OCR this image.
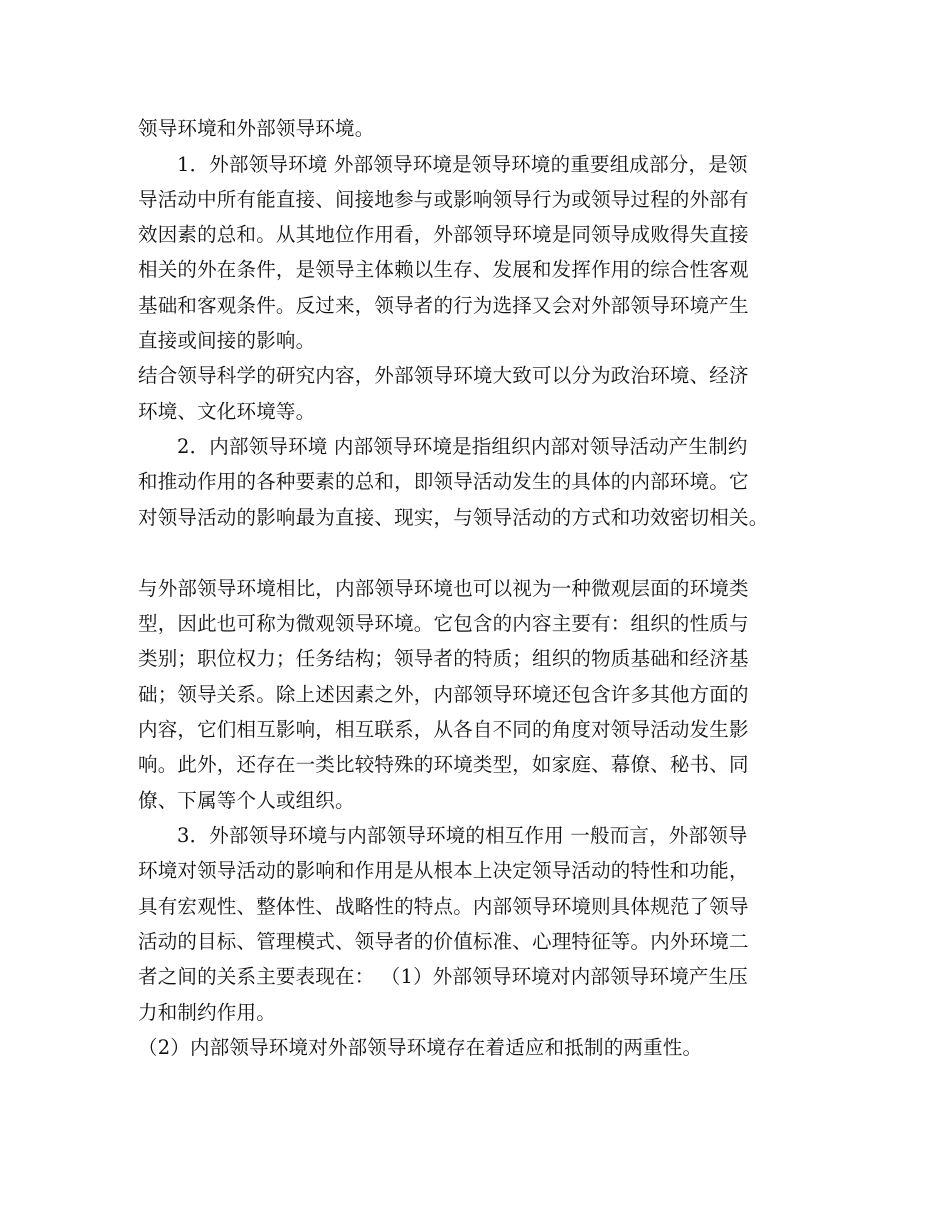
领导环境和外部领导环境。
1．外部领导环境 外部领导环境是领导环境的重要组成部分，是领
导活动中所有能直接、间接地参与或影响领导行为或领导过程的外部有
效因素的总和。从其地位作用看，外部领导环境是同领导成败得失直接
相关的外在条件，是领导主体赖以生存、发展和发挥作用的综合性客观
基础和客观条件。反过来，领导者的行为选择又会对外部领导环境产生
直接或间接的影响。
结合领导科学的研究内容，外部领导环境大致可以分为政治环境、经济
环境、文化环境等。
2．内部领导环境 内部领导环境是指组织内部对领导活动产生制约
和推动作用的各种要素的总和，即领导活动发生的具体的内部环境。它
对领导活动的影响最为直接、现实，与领导活动的方式和功效密切相关。
与外部领导环境相比，内部领导环境也可以视为一种微观层面的环境类
型，因此也可称为微观领导环境。它包含的内容主要有：组织的性质与
类别；职位权力；任务结构；领导者的特质；组织的物质基础和经济基
础；领导关系。除上述因素之外，内部领导环境还包含许多其他方面的
内容，它们相互影响，相互联系，从各自不同的角度对领导活动发生影
响。此外，还存在一类比较特殊的环境类型，如家庭、幕僚、秘书、同
僚、下属等个人或组织。
3．外部领导环境与内部领导环境的相互作用 一般而言，外部领导
环境对领导活动的影响和作用是从根本上决定领导活动的特性和功能，
具有宏观性、整体性、战略性的特点。内部领导环境则具体规范了领导
活动的目标、管理模式、领导者的价值标准、心理特征等。内外环境二
者之间的关系主要表现在： （1）外部领导环境对内部领导环境产生压
力和制约作用。
（2）内部领导环境对外部领导环境存在着适应和抵制的两重性。
